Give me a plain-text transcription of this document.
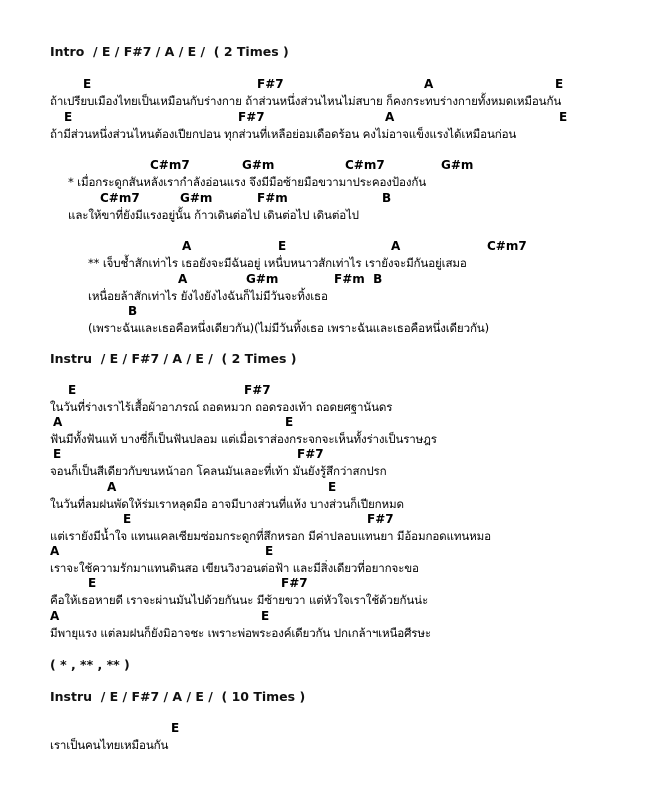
Intro  / E / F#7 / A / E /  ( 2 Times )
E	F#7	A	E
ถ้าเปรียบเมืองไทยเป็นเหมือนกับร่างกาย ถ้าส่วนหนึ่งส่วนไหนไม่สบาย ก็คงกระทบร่างกายทั้งหมดเหมือนกัน
E	F#7	A	E
ถ้ามีส่วนหนึ่งส่วนไหนต้องเปียกปอน ทุกส่วนที่เหลือย่อมเดือดร้อน คงไม่อาจแข็งแรงได้เหมือนก่อน
C#m7	G#m	C#m7	G#m
* เมื่อกระดูกสันหลังเรากำลังอ่อนแรง จึงมีมือซ้ายมือขวามาประคองป้องกัน
C#m7	G#m	F#m	B
และให้ขาที่ยังมีแรงอยู่นั้น ก้าวเดินต่อไป เดินต่อไป เดินต่อไป
A	E	A	C#m7
** เจ็บช้ำสักเท่าไร เธอยังจะมีฉันอยู่ เหนื่บหนาวสักเท่าไร เรายังจะมีกันอยู่เสมอ
A	G#m	F#m  B
เหนื่อยล้าสักเท่าไร ยังไงยังไงฉันก็ไม่มีวันจะทิ้งเธอ
B
(เพราะฉันและเธอคือหนึ่งเดียวกัน)(ไม่มีวันทิ้งเธอ เพราะฉันและเธอคือหนึ่งเดียวกัน)
Instru  / E / F#7 / A / E /  ( 2 Times )
E	F#7
ในวันที่ร่างเราไร้เสื้อผ้าอาภรณ์ ถอดหมวก ถอดรองเท้า ถอดยศฐานันดร
A	E
ฟันมีทั้งฟันแท้ บางซี่ก็เป็นฟันปลอม แต่เมื่อเราส่องกระจกจะเห็นทั้งร่างเป็นราษฎร
E	F#7
จอนก็เป็นสีเดียวกับขนหน้าอก โคลนมันเลอะที่เท้า มันยังรู้สึกว่าสกปรก
A	E
ในวันที่ลมฝนพัดให้ร่มเราหลุดมือ อาจมีบางส่วนที่แห้ง บางส่วนก็เปียกหมด
E	F#7
แต่เรายังมีน้ำใจ แทนแคลเซียมซ่อมกระดูกที่สึกหรอก มีค่าปลอบแทนยา มีอ้อมกอดแทนหมอ
A	E
เราจะใช้ความรักมาแทนดินสอ เขียนวิงวอนต่อฟ้า และมีสิ่งเดียวที่อยากจะขอ
E	F#7
คือให้เธอหายดี เราจะผ่านมันไปด้วยกันนะ มีซ้ายขวา แต่หัวใจเราใช้ด้วยกันน่ะ
A	E
มีพายุแรง แต่ลมฝนก็ยังมิอาจชะ เพราะพ่อพระองค์เดียวกัน ปกเกล้าฯเหนือศีรษะ
( * , ** , ** )
Instru  / E / F#7 / A / E /  ( 10 Times )
E
เราเป็นคนไทยเหมือนกัน
